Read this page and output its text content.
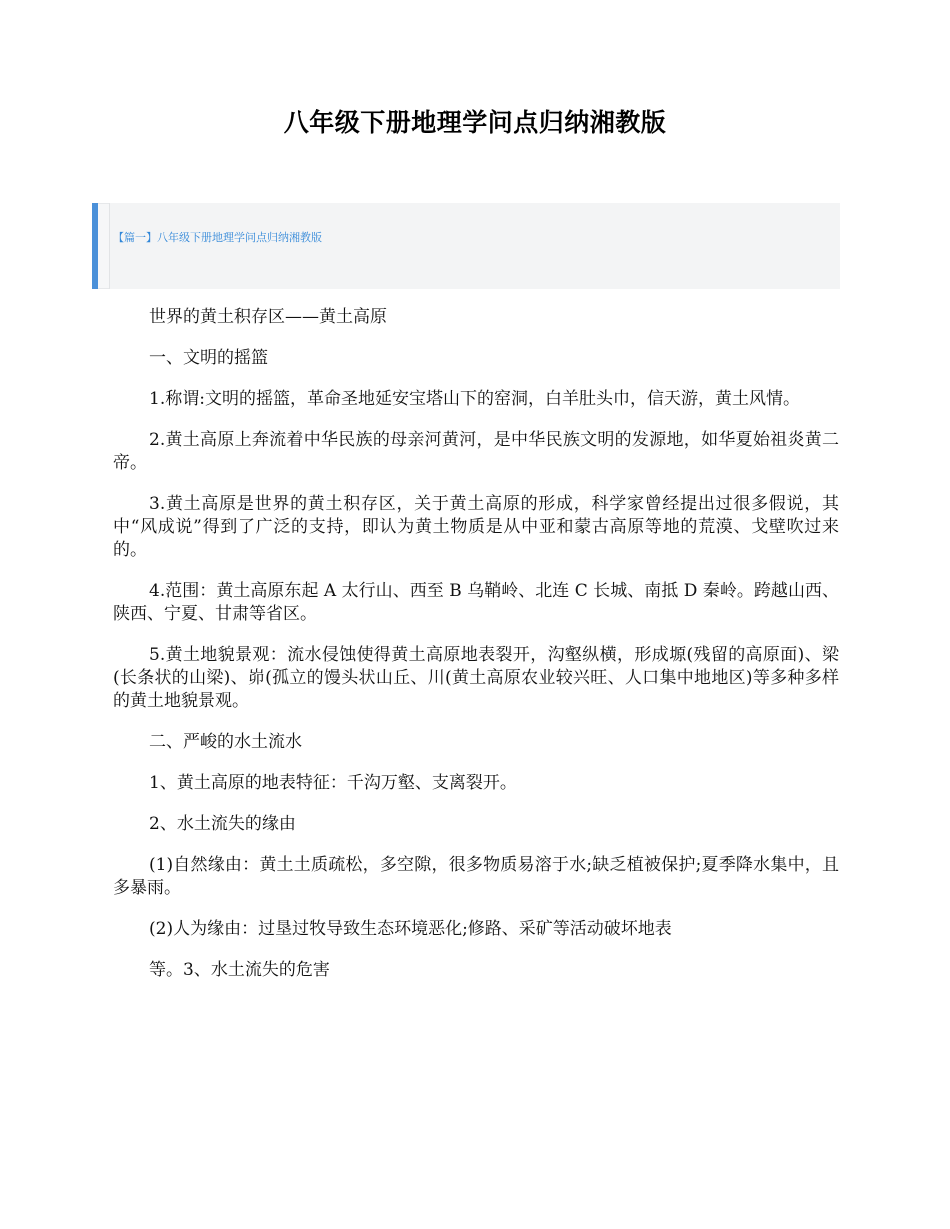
八年级下册地理学问点归纳湘教版
【篇一】八年级下册地理学问点归纳湘教版

世界的黄土积存区——黄土高原

一、文明的摇篮

1.称谓:文明的摇篮，革命圣地延安宝塔山下的窑洞，白羊肚头巾，信天游，黄土风情。

2.黄土高原上奔流着中华民族的母亲河黄河，是中华民族文明的发源地，如华夏始祖炎黄二帝。

3.黄土高原是世界的黄土积存区，关于黄土高原的形成，科学家曾经提出过很多假说，其中“风成说”得到了广泛的支持，即认为黄土物质是从中亚和蒙古高原等地的荒漠、戈壁吹过来的。

4.范围：黄土高原东起 A 太行山、西至 B 乌鞘岭、北连 C 长城、南抵 D 秦岭。跨越山西、陕西、宁夏、甘肃等省区。

5.黄土地貌景观：流水侵蚀使得黄土高原地表裂开，沟壑纵横，形成塬(残留的高原面)、梁(长条状的山梁)、峁(孤立的馒头状山丘、川(黄土高原农业较兴旺、人口集中地地区)等多种多样的黄土地貌景观。

二、严峻的水土流水

1、黄土高原的地表特征：千沟万壑、支离裂开。

2、水土流失的缘由

(1)自然缘由：黄土土质疏松，多空隙，很多物质易溶于水;缺乏植被保护;夏季降水集中，且多暴雨。

(2)人为缘由：过垦过牧导致生态环境恶化;修路、采矿等活动破坏地表

等。3、水土流失的危害
